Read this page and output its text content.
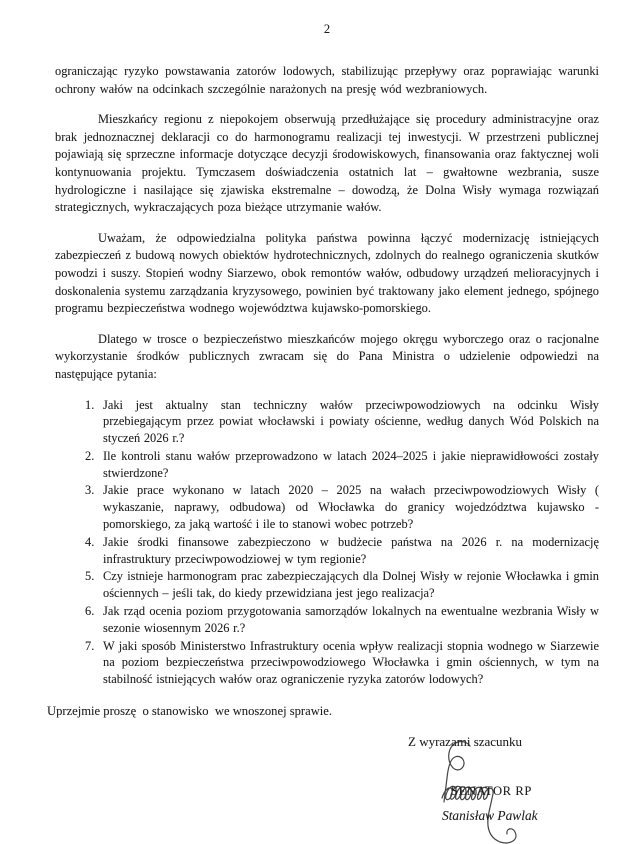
2

ograniczając ryzyko powstawania zatorów lodowych, stabilizując przepływy oraz poprawiając warunki ochrony wałów na odcinkach szczególnie narażonych na presję wód wezbraniowych.

Mieszkańcy regionu z niepokojem obserwują przedłużające się procedury administracyjne oraz brak jednoznacznej deklaracji co do harmonogramu realizacji tej inwestycji. W przestrzeni publicznej pojawiają się sprzeczne informacje dotyczące decyzji środowiskowych, finansowania oraz faktycznej woli kontynuowania projektu. Tymczasem doświadczenia ostatnich lat – gwałtowne wezbrania, susze hydrologiczne i nasilające się zjawiska ekstremalne – dowodzą, że Dolna Wisły wymaga rozwiązań strategicznych, wykraczających poza bieżące utrzymanie wałów.

Uważam, że odpowiedzialna polityka państwa powinna łączyć modernizację istniejących zabezpieczeń z budową nowych obiektów hydrotechnicznych, zdolnych do realnego ograniczenia skutków powodzi i suszy. Stopień wodny Siarzewo, obok remontów wałów, odbudowy urządzeń melioracyjnych i doskonalenia systemu zarządzania kryzysowego, powinien być traktowany jako element jednego, spójnego programu bezpieczeństwa wodnego województwa kujawsko-pomorskiego.

Dlatego w trosce o bezpieczeństwo mieszkańców mojego okręgu wyborczego oraz o racjonalne wykorzystanie środków publicznych zwracam się do Pana Ministra o udzielenie odpowiedzi na następujące pytania:

1. Jaki jest aktualny stan techniczny wałów przeciwpowodziowych na odcinku Wisły przebiegającym przez powiat włocławski i powiaty ościenne, według danych Wód Polskich na styczeń 2026 r.?
2. Ile kontroli stanu wałów przeprowadzono w latach 2024–2025 i jakie nieprawidłowości zostały stwierdzone?
3. Jakie prace wykonano w latach 2020 – 2025 na wałach przeciwpowodziowych Wisły ( wykaszanie, naprawy, odbudowa) od Włocławka do granicy wojedzództwa kujawsko - pomorskiego, za jaką wartość i ile to stanowi wobec potrzeb?
4. Jakie środki finansowe zabezpieczono w budżecie państwa na 2026 r. na modernizację infrastruktury przeciwpowodziowej w tym regionie?
5. Czy istnieje harmonogram prac zabezpieczających dla Dolnej Wisły w rejonie Włocławka i gmin ościennych – jeśli tak, do kiedy przewidziana jest jego realizacja?
6. Jak rząd ocenia poziom przygotowania samorządów lokalnych na ewentualne wezbrania Wisły w sezonie wiosennym 2026 r.?
7. W jaki sposób Ministerstwo Infrastruktury ocenia wpływ realizacji stopnia wodnego w Siarzewie na poziom bezpieczeństwa przeciwpowodziowego Włocławka i gmin ościennych, w tym na stabilność istniejących wałów oraz ograniczenie ryzyka zatorów lodowych?

Uprzejmie proszę  o stanowisko  we wnoszonej sprawie.

Z wyrazami szacunku
SENATOR RP
Stanisław Pawlak
